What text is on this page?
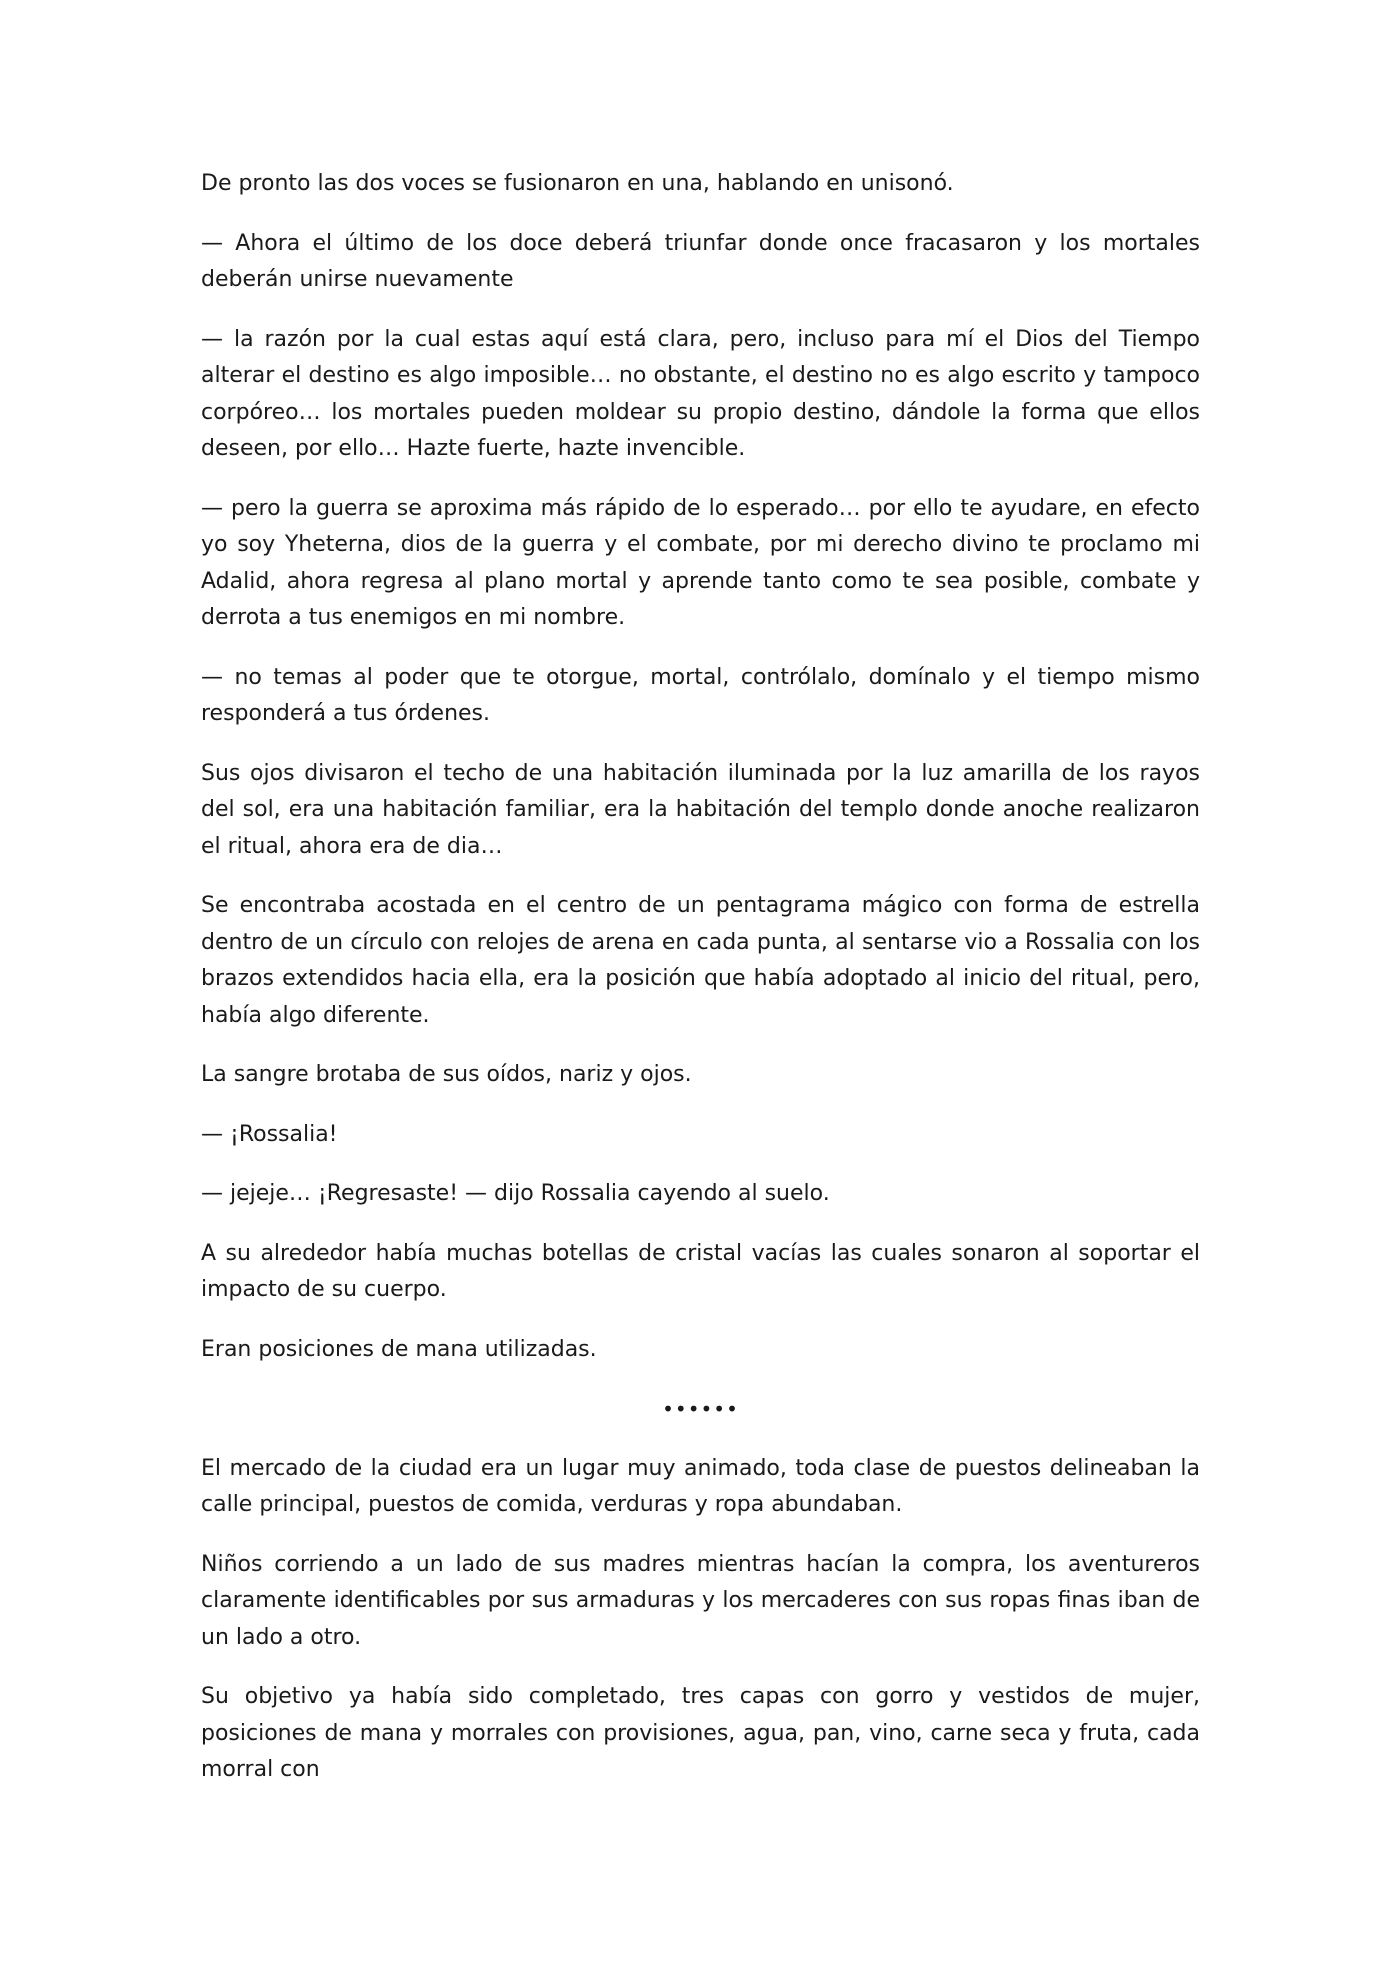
De pronto las dos voces se fusionaron en una, hablando en unisonó.

— Ahora el último de los doce deberá triunfar donde once fracasaron y los mortales deberán unirse nuevamente

— la razón por la cual estas aquí está clara, pero, incluso para mí el Dios del Tiempo alterar el destino es algo imposible… no obstante, el destino no es algo escrito y tampoco corpóreo… los mortales pueden moldear su propio destino, dándole la forma que ellos deseen, por ello… Hazte fuerte, hazte invencible.

— pero la guerra se aproxima más rápido de lo esperado… por ello te ayudare, en efecto yo soy Yheterna, dios de la guerra y el combate, por mi derecho divino te proclamo mi Adalid, ahora regresa al plano mortal y aprende tanto como te sea posible, combate y derrota a tus enemigos en mi nombre.

— no temas al poder que te otorgue, mortal, contrólalo, domínalo y el tiempo mismo responderá a tus órdenes.

Sus ojos divisaron el techo de una habitación iluminada por la luz amarilla de los rayos del sol, era una habitación familiar, era la habitación del templo donde anoche realizaron el ritual, ahora era de dia…

Se encontraba acostada en el centro de un pentagrama mágico con forma de estrella dentro de un círculo con relojes de arena en cada punta, al sentarse vio a Rossalia con los brazos extendidos hacia ella, era la posición que había adoptado al inicio del ritual, pero, había algo diferente.

La sangre brotaba de sus oídos, nariz y ojos.

— ¡Rossalia!

— jejeje… ¡Regresaste! — dijo Rossalia cayendo al suelo.

A su alrededor había muchas botellas de cristal vacías las cuales sonaron al soportar el impacto de su cuerpo.

Eran posiciones de mana utilizadas.

••••••

El mercado de la ciudad era un lugar muy animado, toda clase de puestos delineaban la calle principal, puestos de comida, verduras y ropa abundaban.

Niños corriendo a un lado de sus madres mientras hacían la compra, los aventureros claramente identificables por sus armaduras y los mercaderes con sus ropas finas iban de un lado a otro.

Su objetivo ya había sido completado, tres capas con gorro y vestidos de mujer, posiciones de mana y morrales con provisiones, agua, pan, vino, carne seca y fruta, cada morral con
